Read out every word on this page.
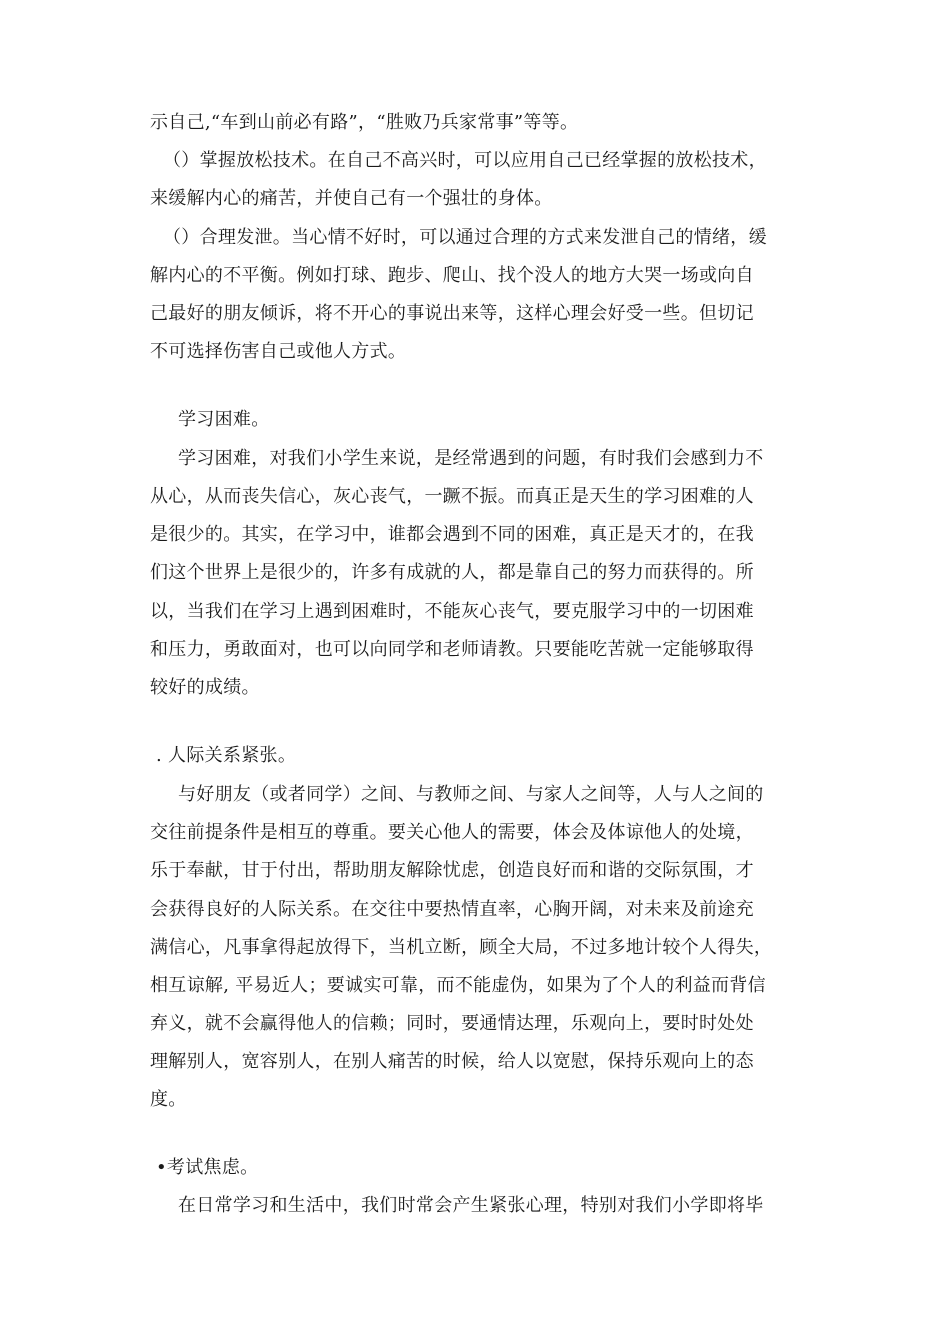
示自己,“车到山前必有路”，“胜败乃兵家常事”等等。
（）掌握放松技术。在自己不高兴时，可以应用自己已经掌握的放松技术，
来缓解内心的痛苦，并使自己有一个强壮的身体。
（）合理发泄。当心情不好时，可以通过合理的方式来发泄自己的情绪，缓
解内心的不平衡。例如打球、跑步、爬山、找个没人的地方大哭一场或向自
己最好的朋友倾诉，将不开心的事说出来等，这样心理会好受一些。但切记
不可选择伤害自己或他人方式。
学习困难。
学习困难，对我们小学生来说，是经常遇到的问题，有时我们会感到力不
从心，从而丧失信心，灰心丧气，一蹶不振。而真正是天生的学习困难的人
是很少的。其实，在学习中，谁都会遇到不同的困难，真正是天才的，在我
们这个世界上是很少的，许多有成就的人，都是靠自己的努力而获得的。所
以，当我们在学习上遇到困难时，不能灰心丧气，要克服学习中的一切困难
和压力，勇敢面对，也可以向同学和老师请教。只要能吃苦就一定能够取得
较好的成绩。
. 人际关系紧张。
与好朋友（或者同学）之间、与教师之间、与家人之间等，人与人之间的
交往前提条件是相互的尊重。要关心他人的需要，体会及体谅他人的处境，
乐于奉献，甘于付出，帮助朋友解除忧虑，创造良好而和谐的交际氛围，才
会获得良好的人际关系。在交往中要热情直率，心胸开阔，对未来及前途充
满信心，凡事拿得起放得下，当机立断，顾全大局，不过多地计较个人得失，
相互谅解, 平易近人；要诚实可靠，而不能虚伪，如果为了个人的利益而背信
弃义，就不会赢得他人的信赖；同时，要通情达理，乐观向上，要时时处处
理解别人，宽容别人，在别人痛苦的时候，给人以宽慰，保持乐观向上的态
度。
•考试焦虑。
在日常学习和生活中，我们时常会产生紧张心理，特别对我们小学即将毕
